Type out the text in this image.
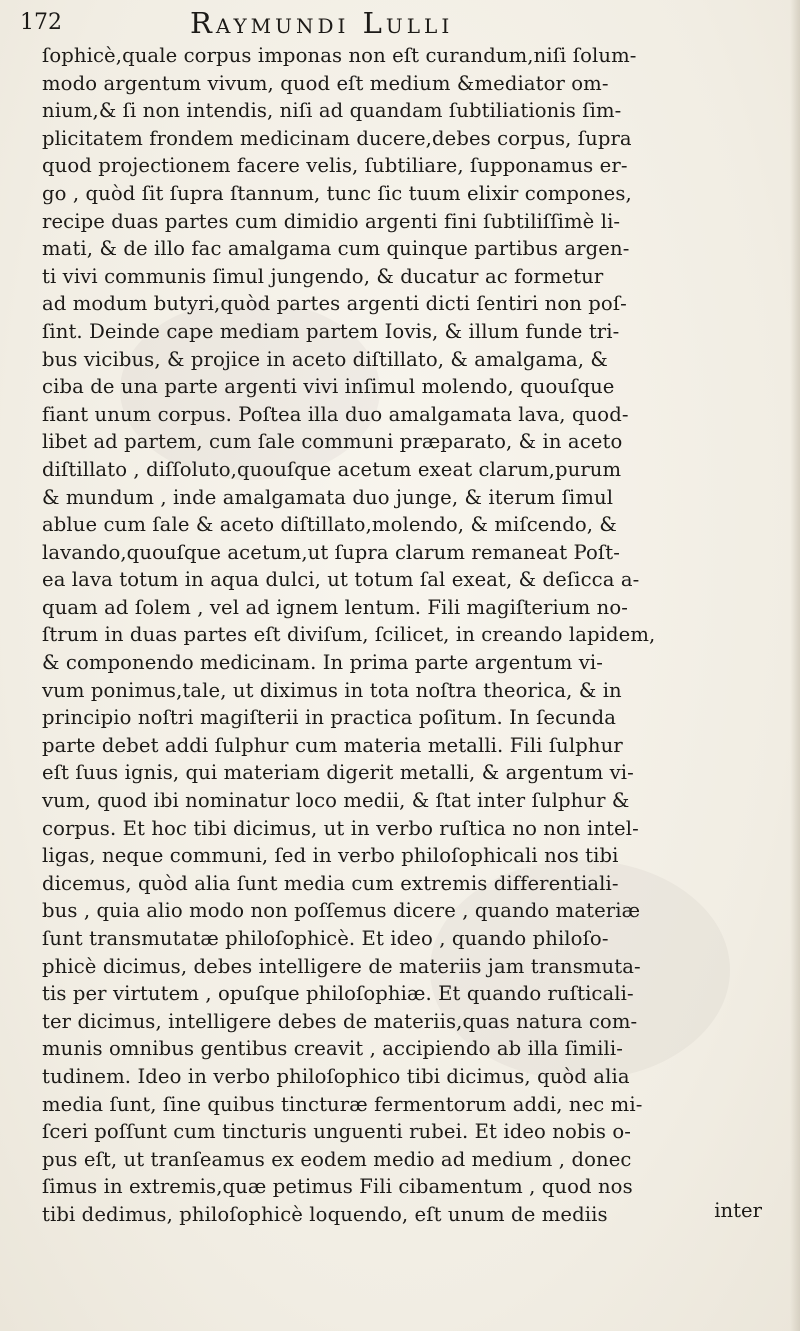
172	Raymundi Lulli
ſophicè,quale corpus imponas non eſt curandum,niſi ſolum-
modo argentum vivum, quod eſt medium &mediator om-
nium,& ſi non intendis, niſi ad quandam ſubtiliationis ſim-
plicitatem frondem medicinam ducere,debes corpus, ſupra
quod projectionem facere velis, ſubtiliare, ſupponamus er-
go , quòd ſit ſupra ſtannum, tunc ſic tuum elixir compones,
recipe duas partes cum dimidio argenti fini ſubtiliſſimè li-
mati, & de illo fac amalgama cum quinque partibus argen-
ti vivi communis ſimul jungendo, & ducatur ac formetur
ad modum butyri,quòd partes argenti dicti ſentiri non poſ-
ſint. Deinde cape mediam partem Iovis, & illum funde tri-
bus vicibus, & projice in aceto diſtillato, & amalgama, &
ciba de una parte argenti vivi inſimul molendo, quouſque
fiant unum corpus. Poſtea illa duo amalgamata lava, quod-
libet ad partem, cum ſale communi præparato, & in aceto
diſtillato , diſſoluto,quouſque acetum exeat clarum,purum
& mundum , inde amalgamata duo junge, & iterum ſimul
ablue cum ſale & aceto diſtillato,molendo, & miſcendo, &
lavando,quouſque acetum,ut ſupra clarum remaneat Poſt-
ea lava totum in aqua dulci, ut totum ſal exeat, & deſicca a-
quam ad ſolem , vel ad ignem lentum. Fili magiſterium no-
ſtrum in duas partes eſt diviſum, ſcilicet, in creando lapidem,
& componendo medicinam. In prima parte argentum vi-
vum ponimus,tale, ut diximus in tota noſtra theorica, & in
principio noſtri magiſterii in practica poſitum. In ſecunda
parte debet addi ſulphur cum materia metalli. Fili ſulphur
eſt ſuus ignis, qui materiam digerit metalli, & argentum vi-
vum, quod ibi nominatur loco medii, & ſtat inter ſulphur &
corpus. Et hoc tibi dicimus, ut in verbo ruſtica no non intel-
ligas, neque communi, ſed in verbo philoſophicali nos tibi
dicemus, quòd alia ſunt media cum extremis differentiali-
bus , quia alio modo non poſſemus dicere , quando materiæ
ſunt transmutatæ philoſophicè. Et ideo , quando philoſo-
phicè dicimus, debes intelligere de materiis jam transmuta-
tis per virtutem , opuſque philoſophiæ. Et quando ruſticali-
ter dicimus, intelligere debes de materiis,quas natura com-
munis omnibus gentibus creavit , accipiendo ab illa ſimili-
tudinem. Ideo in verbo philoſophico tibi dicimus, quòd alia
media ſunt, ſine quibus tincturæ fermentorum addi, nec mi-
ſceri poſſunt cum tincturis unguenti rubei. Et ideo nobis o-
pus eſt, ut tranſeamus ex eodem medio ad medium , donec
ſimus in extremis,quæ petimus Fili cibamentum , quod nos
tibi dedimus, philoſophicè loquendo, eſt unum de mediis	inter
